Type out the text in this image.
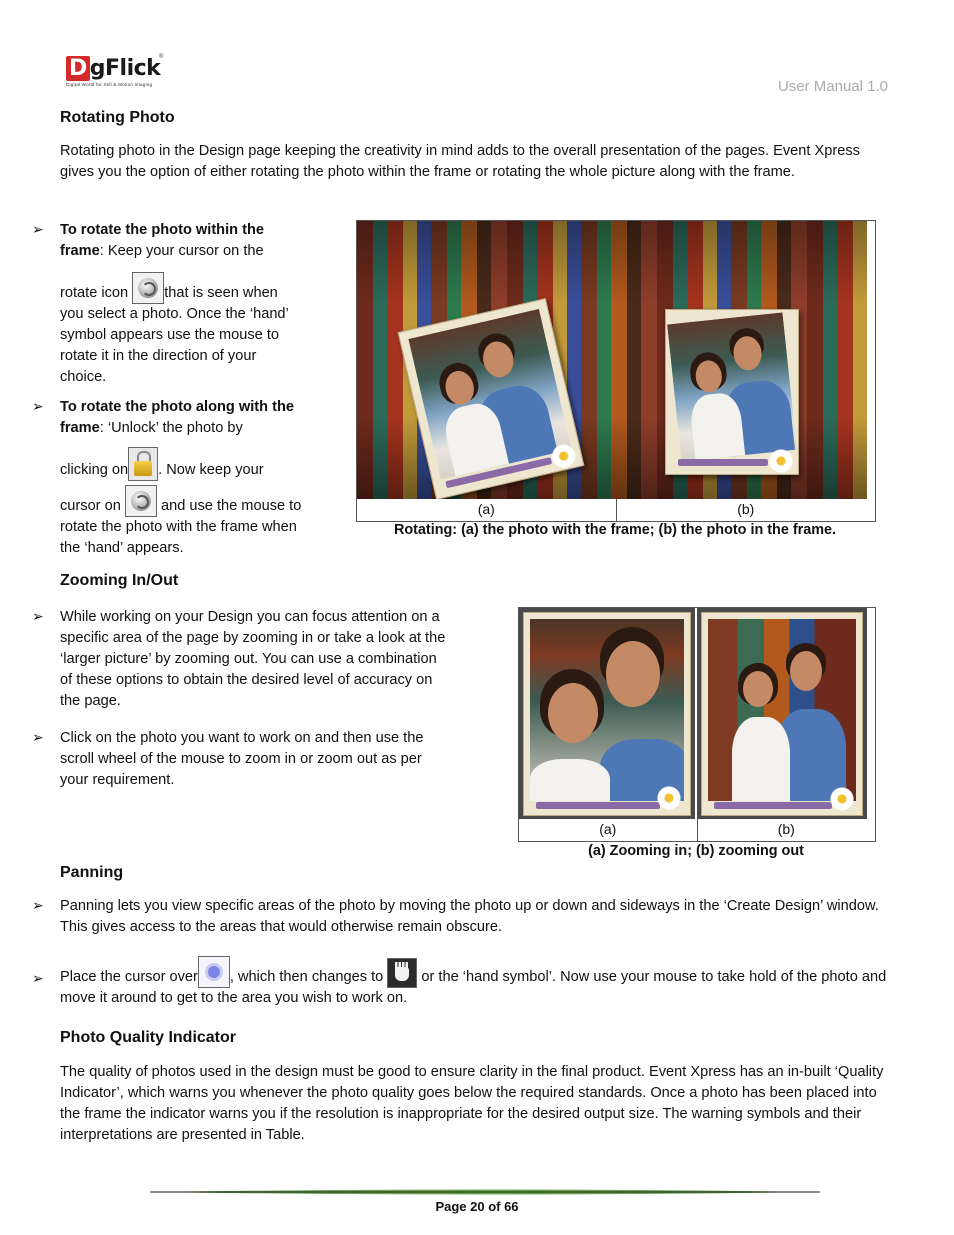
D gFlick
Digital World for Still & Motion Imaging
®
User Manual 1.0
Rotating Photo
Rotating photo in the Design page keeping the creativity in mind adds to the overall presentation of the pages. Event Xpress gives you the option of either rotating the photo within the frame or rotating the whole picture along with the frame.
➢ To rotate the photo within the frame: Keep your cursor on the
rotate icon that is seen when you select a photo. Once the ‘hand’ symbol appears use the mouse to rotate it in the direction of your choice.
➢ To rotate the photo along with the frame: ‘Unlock’ the photo by
clicking on . Now keep your
cursor on	and use the mouse to rotate the photo with the frame when the ‘hand’ appears.
(a)	(b)
Rotating: (a) the photo with the frame; (b) the photo in the frame.
Zooming In/Out
➢ While working on your Design you can focus attention on a specific area of the page by zooming in or take a look at the ‘larger picture’ by zooming out. You can use a combination of these options to obtain the desired level of accuracy on the page.
➢ Click on the photo you want to work on and then use the scroll wheel of the mouse to zoom in or zoom out as per your requirement.
(a)	(b)
(a) Zooming in; (b) zooming out
Panning
➢ Panning lets you view specific areas of the photo by moving the photo up or down and sideways in the ‘Create Design’ window. This gives access to the areas that would otherwise remain obscure.
➢ Place the cursor over , which then changes to	or the ‘hand symbol’. Now use your mouse to take hold of the photo and move it around to get to the area you wish to work on.
Photo Quality Indicator
The quality of photos used in the design must be good to ensure clarity in the final product. Event Xpress has an in-built ‘Quality Indicator’, which warns you whenever the photo quality goes below the required standards. Once a photo has been placed into the frame the indicator warns you if the resolution is inappropriate for the desired output size. The warning symbols and their interpretations are presented in Table.
Page 20 of 66
